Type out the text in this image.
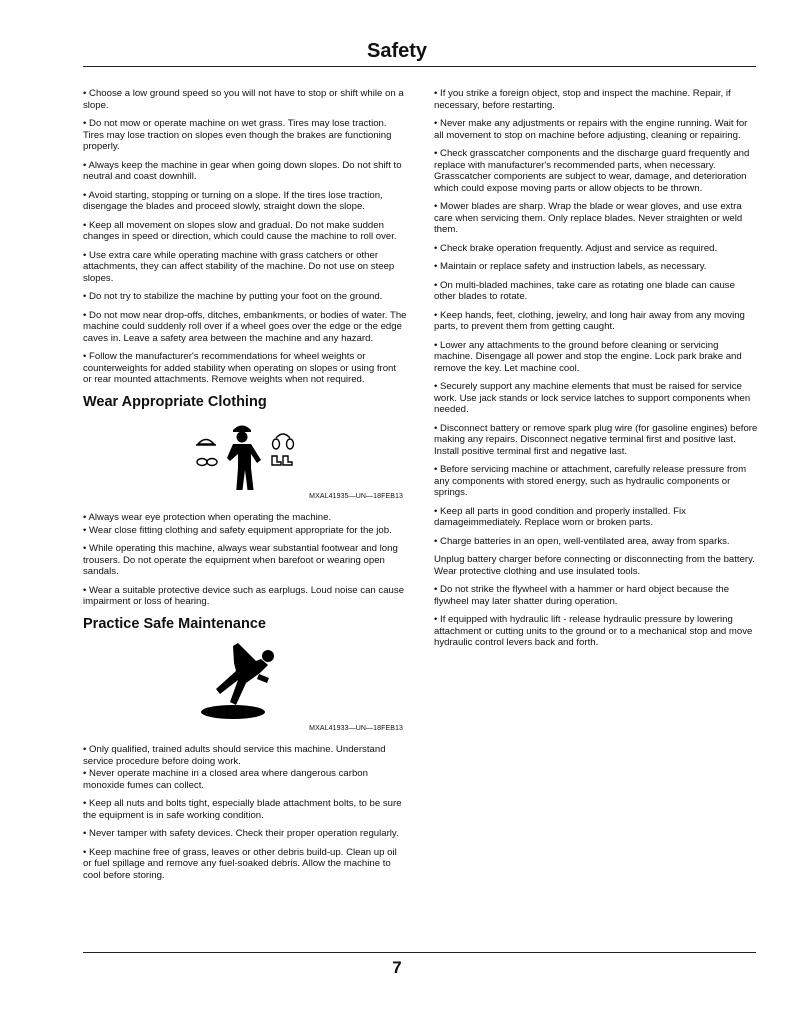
Safety

• Choose a low ground speed so you will not have to stop or shift while on a slope.

• Do not mow or operate machine on wet grass. Tires may lose traction. Tires may lose traction on slopes even though the brakes are functioning properly.

• Always keep the machine in gear when going down slopes. Do not shift to neutral and coast downhill.

• Avoid starting, stopping or turning on a slope. If the tires lose traction, disengage the blades and proceed slowly, straight down the slope.

• Keep all movement on slopes slow and gradual. Do not make sudden changes in speed or direction, which could cause the machine to roll over.

• Use extra care while operating machine with grass catchers or other attachments, they can affect stability of the machine. Do not use on steep slopes.

• Do not try to stabilize the machine by putting your foot on the ground.

• Do not mow near drop-offs, ditches, embankments, or bodies of water. The machine could suddenly roll over if a wheel goes over the edge or the edge caves in. Leave a safety area between the machine and any hazard.

• Follow the manufacturer's recommendations for wheel weights or counterweights for added stability when operating on slopes or using front or rear mounted attachments. Remove weights when not required.

Wear Appropriate Clothing
MXAL41935—UN—18FEB13

• Always wear eye protection when operating the machine.

• Wear close fitting clothing and safety equipment appropriate for the job.

• While operating this machine, always wear substantial footwear and long trousers. Do not operate the equipment when barefoot or wearing open sandals.

• Wear a suitable protective device such as earplugs. Loud noise can cause impairment or loss of hearing.

Practice Safe Maintenance
MXAL41933—UN—18FEB13

• Only qualified, trained adults should service this machine. Understand service procedure before doing work.

• Never operate machine in a closed area where dangerous carbon monoxide fumes can collect.

• Keep all nuts and bolts tight, especially blade attachment bolts, to be sure the equipment is in safe working condition.

• Never tamper with safety devices. Check their proper operation regularly.

• Keep machine free of grass, leaves or other debris build-up. Clean up oil or fuel spillage and remove any fuel-soaked debris. Allow the machine to cool before storing.

• If you strike a foreign object, stop and inspect the machine. Repair, if necessary, before restarting.

• Never make any adjustments or repairs with the engine running. Wait for all movement to stop on machine before adjusting, cleaning or repairing.

• Check grasscatcher components and the discharge guard frequently and replace with manufacturer's recommended parts, when necessary. Grasscatcher components are subject to wear, damage, and deterioration which could expose moving parts or allow objects to be thrown.

• Mower blades are sharp. Wrap the blade or wear gloves, and use extra care when servicing them. Only replace blades. Never straighten or weld them.

• Check brake operation frequently. Adjust and service as required.

• Maintain or replace safety and instruction labels, as necessary.

• On multi-bladed machines, take care as rotating one blade can cause other blades to rotate.

• Keep hands, feet, clothing, jewelry, and long hair away from any moving parts, to prevent them from getting caught.

• Lower any attachments to the ground before cleaning or servicing machine. Disengage all power and stop the engine. Lock park brake and remove the key. Let machine cool.

• Securely support any machine elements that must be raised for service work. Use jack stands or lock service latches to support components when needed.

• Disconnect battery or remove spark plug wire (for gasoline engines) before making any repairs. Disconnect negative terminal first and positive last. Install positive terminal first and negative last.

• Before servicing machine or attachment, carefully release pressure from any components with stored energy, such as hydraulic components or springs.

• Keep all parts in good condition and properly installed. Fix damageimmediately. Replace worn or broken parts.

• Charge batteries in an open, well-ventilated area, away from sparks.

Unplug battery charger before connecting or disconnecting from the battery. Wear protective clothing and use insulated tools.

• Do not strike the flywheel with a hammer or hard object because the flywheel may later shatter during operation.

• If equipped with hydraulic lift - release hydraulic pressure by lowering attachment or cutting units to the ground or to a mechanical stop and move hydraulic control levers back and forth.

7
